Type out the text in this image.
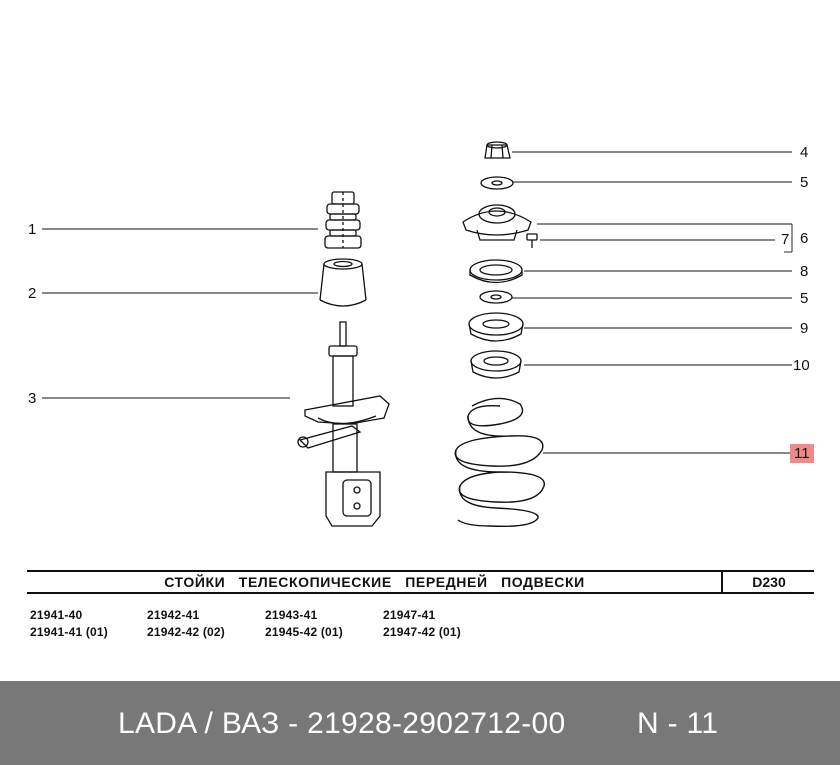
1
2
3
4
5
6
7
8
5
9
10
11
СТОЙКИ ТЕЛЕСКОПИЧЕСКИЕ ПЕРЕДНЕЙ ПОДВЕСКИ	D230
21941-40
21941-41 (01)
21942-41
21942-42 (02)
21943-41
21945-42 (01)
21947-41
21947-42 (01)
LADA / ВАЗ - 21928-2902712-00 N - 11
